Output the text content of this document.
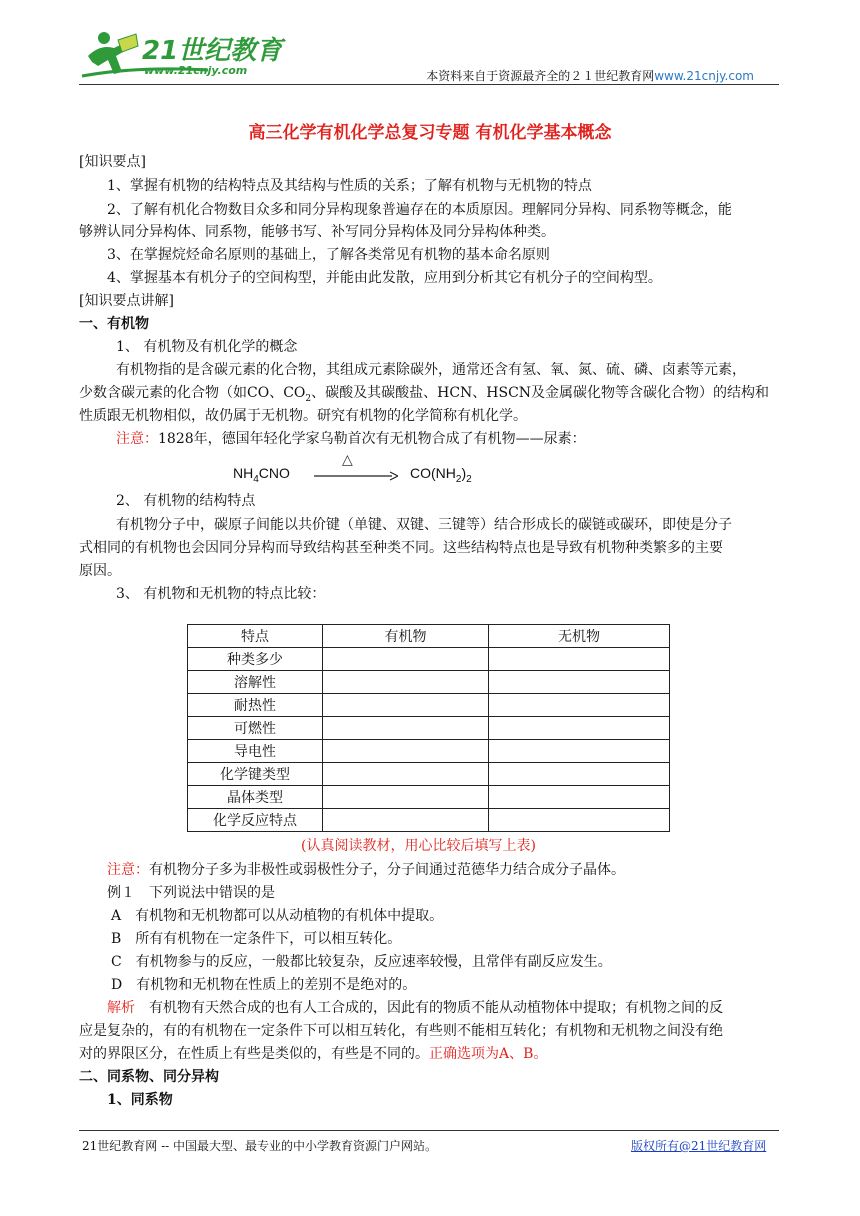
21世纪教育
www.21cnjy.com	本资料来自于资源最齐全的２１世纪教育网www.21cnjy.com
高三化学有机化学总复习专题 有机化学基本概念
[知识要点]
1、掌握有机物的结构特点及其结构与性质的关系；了解有机物与无机物的特点
2、了解有机化合物数目众多和同分异构现象普遍存在的本质原因。理解同分异构、同系物等概念，能
够辨认同分异构体、同系物，能够书写、补写同分异构体及同分异构体种类。
3、在掌握烷烃命名原则的基础上，了解各类常见有机物的基本命名原则
4、掌握基本有机分子的空间构型，并能由此发散，应用到分析其它有机分子的空间构型。
[知识要点讲解]
一、有机物
1、 有机物及有机化学的概念
有机物指的是含碳元素的化合物，其组成元素除碳外，通常还含有氢、氧、氮、硫、磷、卤素等元素，
少数含碳元素的化合物（如CO、$CO_2$、碳酸及其碳酸盐、HCN、HSCN及金属碳化物等含碳化合物）的结构和
性质跟无机物相似，故仍属于无机物。研究有机物的化学简称有机化学。
注意：1828年，德国年轻化学家乌勒首次有无机物合成了有机物——尿素：
$NH_4CNO$
△
$CO(NH_2)_2$
2、 有机物的结构特点
有机物分子中，碳原子间能以共价键（单键、双键、三键等）结合形成长的碳链或碳环，即使是分子
式相同的有机物也会因同分异构而导致结构甚至种类不同。这些结构特点也是导致有机物种类繁多的主要
原因。
3、 有机物和无机物的特点比较：
特点	有机物	无机物
种类多少		
溶解性		
耐热性		
可燃性		
导电性		
化学键类型		
晶体类型		
化学反应特点		
(认真阅读教材，用心比较后填写上表)
注意：有机物分子多为非极性或弱极性分子，分子间通过范德华力结合成分子晶体。
例１　下列说法中错误的是
A　有机物和无机物都可以从动植物的有机体中提取。
B　所有有机物在一定条件下，可以相互转化。
C　有机物参与的反应，一般都比较复杂，反应速率较慢，且常伴有副反应发生。
D　有机物和无机物在性质上的差别不是绝对的。
解析　有机物有天然合成的也有人工合成的，因此有的物质不能从动植物体中提取；有机物之间的反
应是复杂的，有的有机物在一定条件下可以相互转化，有些则不能相互转化；有机物和无机物之间没有绝
对的界限区分，在性质上有些是类似的，有些是不同的。正确选项为A、B。
二、同系物、同分异构
1、同系物
21世纪教育网 -- 中国最大型、最专业的中小学教育资源门户网站。	版权所有@21世纪教育网
